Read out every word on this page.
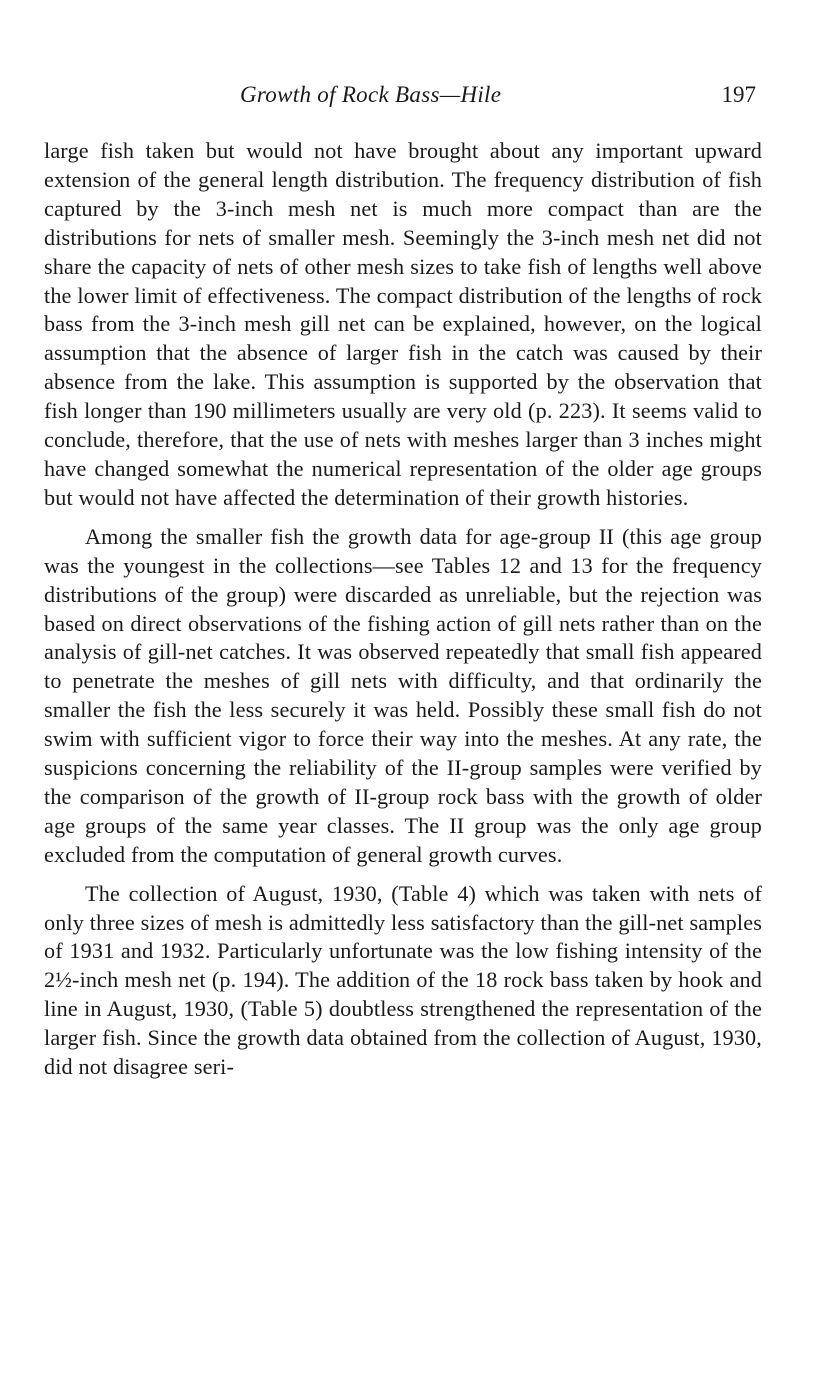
Growth of Rock Bass—Hile	197

large fish taken but would not have brought about any important upward extension of the general length distribution. The frequency distribution of fish captured by the 3-inch mesh net is much more compact than are the distributions for nets of smaller mesh. Seemingly the 3-inch mesh net did not share the capacity of nets of other mesh sizes to take fish of lengths well above the lower limit of effectiveness. The compact distribution of the lengths of rock bass from the 3-inch mesh gill net can be explained, however, on the logical assumption that the absence of larger fish in the catch was caused by their absence from the lake. This assumption is supported by the observation that fish longer than 190 millimeters usually are very old (p. 223). It seems valid to conclude, therefore, that the use of nets with meshes larger than 3 inches might have changed somewhat the numerical representation of the older age groups but would not have affected the determination of their growth histories.

Among the smaller fish the growth data for age-group II (this age group was the youngest in the collections—see Tables 12 and 13 for the frequency distributions of the group) were discarded as unreliable, but the rejection was based on direct observations of the fishing action of gill nets rather than on the analysis of gill-net catches. It was observed repeatedly that small fish appeared to penetrate the meshes of gill nets with difficulty, and that ordinarily the smaller the fish the less securely it was held. Possibly these small fish do not swim with sufficient vigor to force their way into the meshes. At any rate, the suspicions concerning the reliability of the II-group samples were verified by the comparison of the growth of II-group rock bass with the growth of older age groups of the same year classes. The II group was the only age group excluded from the computation of general growth curves.

The collection of August, 1930, (Table 4) which was taken with nets of only three sizes of mesh is admittedly less satisfactory than the gill-net samples of 1931 and 1932. Particularly unfortunate was the low fishing intensity of the 2½-inch mesh net (p. 194). The addition of the 18 rock bass taken by hook and line in August, 1930, (Table 5) doubtless strengthened the representation of the larger fish. Since the growth data obtained from the collection of August, 1930, did not disagree seri-
